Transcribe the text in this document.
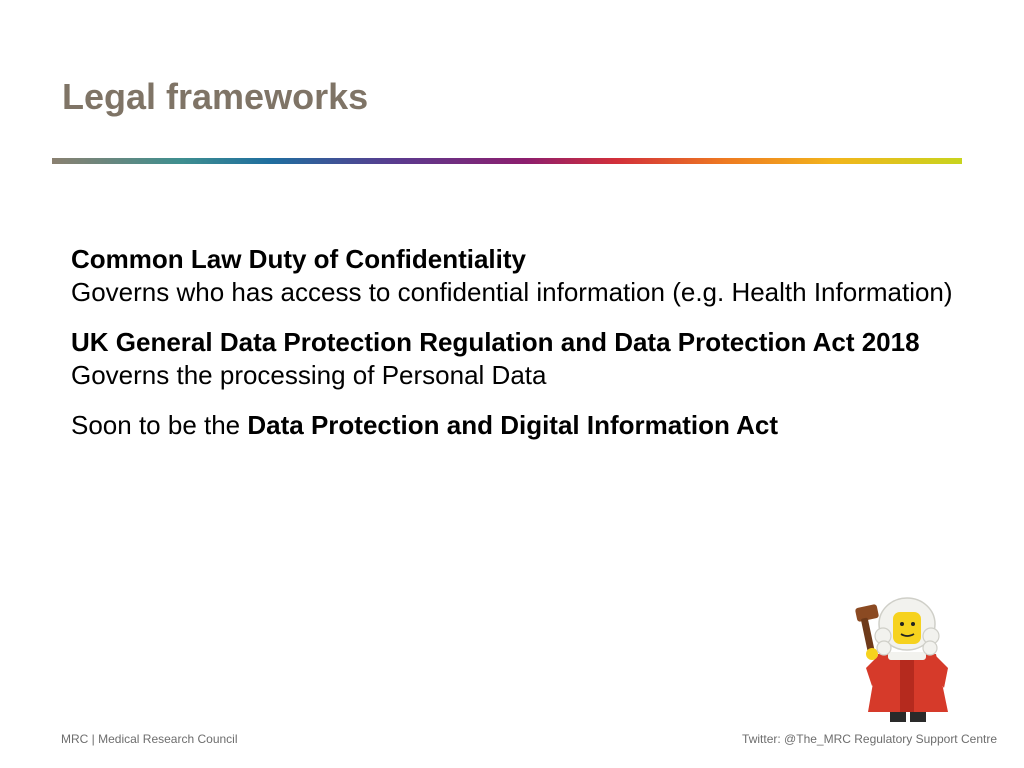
Legal frameworks

Common Law Duty of Confidentiality
Governs who has access to confidential information (e.g. Health Information)

UK General Data Protection Regulation and Data Protection Act 2018
Governs the processing of Personal Data

Soon to be the Data Protection and Digital Information Act

MRC | Medical Research Council	Twitter: @The_MRC Regulatory Support Centre
